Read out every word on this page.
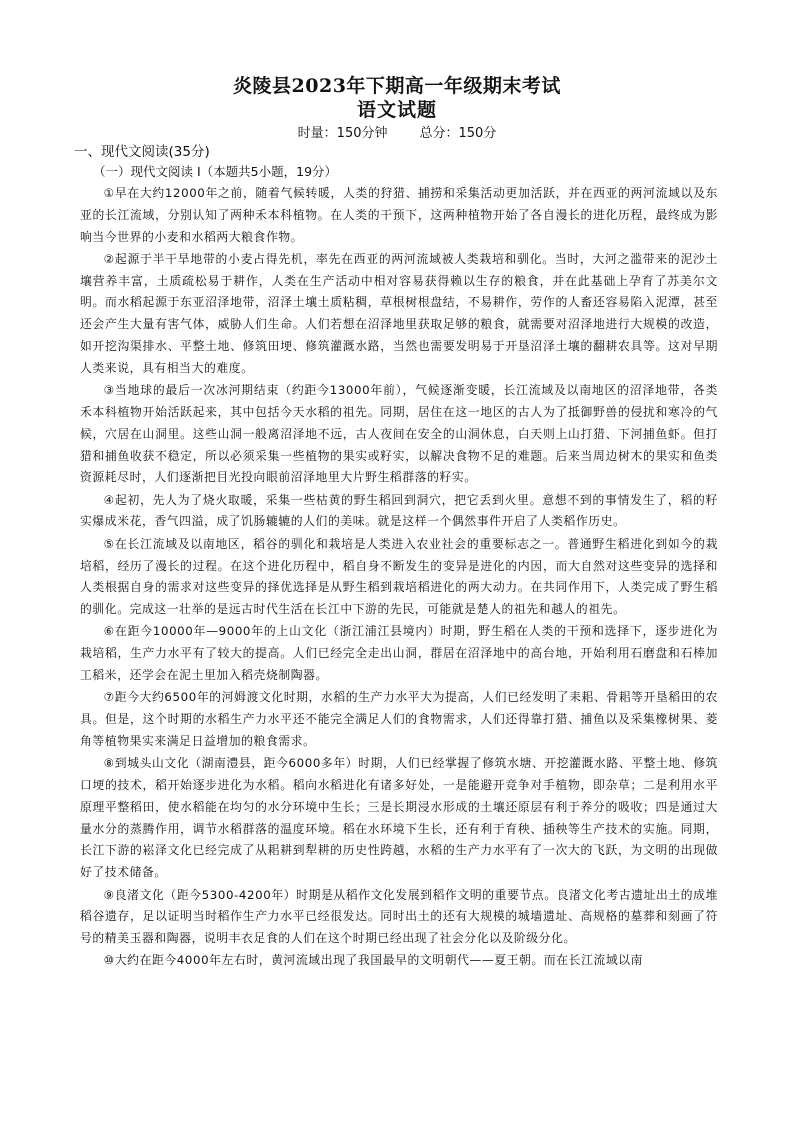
炎陵县2023年下期高一年级期末考试
语文试题
时量：150分钟 总分：150分
一、现代文阅读(35分)
（一）现代文阅读 I（本题共5小题，19分）

①早在大约12000年之前，随着气候转暖，人类的狩猎、捕捞和采集活动更加活跃，并在西亚的两河流域以及东亚的长江流域，分别认知了两种禾本科植物。在人类的干预下，这两种植物开始了各自漫长的进化历程，最终成为影响当今世界的小麦和水稻两大粮食作物。

②起源于半干旱地带的小麦占得先机，率先在西亚的两河流域被人类栽培和驯化。当时，大河之滥带来的泥沙土壤营养丰富，土质疏松易于耕作，人类在生产活动中相对容易获得赖以生存的粮食，并在此基础上孕育了苏美尔文明。而水稻起源于东亚沼泽地带，沼泽土壤土质粘稠，草根树根盘结，不易耕作，劳作的人畜还容易陷入泥潭，甚至还会产生大量有害气体，威胁人们生命。人们若想在沼泽地里获取足够的粮食，就需要对沼泽地进行大规模的改造，如开挖沟渠排水、平整土地、修筑田埂、修筑灌溉水路，当然也需要发明易于开垦沼泽土壤的翻耕农具等。这对早期人类来说，具有相当大的难度。

③当地球的最后一次冰河期结束（约距今13000年前），气候逐渐变暖，长江流域及以南地区的沼泽地带，各类禾本科植物开始活跃起来，其中包括今天水稻的祖先。同期，居住在这一地区的古人为了抵御野兽的侵扰和寒冷的气候，穴居在山洞里。这些山洞一般离沼泽地不远，古人夜间在安全的山洞休息，白天则上山打猎、下河捕鱼虾。但打猎和捕鱼收获不稳定，所以必须采集一些植物的果实或籽实，以解决食物不足的难题。后来当周边树木的果实和鱼类资源耗尽时，人们逐渐把目光投向眼前沼泽地里大片野生稻群落的籽实。

④起初，先人为了烧火取暖，采集一些枯黄的野生稻回到洞穴，把它丢到火里。意想不到的事情发生了，稻的籽实爆成米花，香气四溢，成了饥肠辘辘的人们的美味。就是这样一个偶然事件开启了人类稻作历史。

⑤在长江流域及以南地区，稻谷的驯化和栽培是人类进入农业社会的重要标志之一。普通野生稻进化到如今的栽培稻，经历了漫长的过程。在这个进化历程中，稻自身不断发生的变异是进化的内因，而大自然对这些变异的选择和人类根据自身的需求对这些变异的择优选择是从野生稻到栽培稻进化的两大动力。在共同作用下，人类完成了野生稻的驯化。完成这一壮举的是远古时代生活在长江中下游的先民，可能就是楚人的祖先和越人的祖先。

⑥在距今10000年—9000年的上山文化（浙江浦江县境内）时期，野生稻在人类的干预和选择下，逐步进化为栽培稻，生产力水平有了较大的提高。人们已经完全走出山洞，群居在沼泽地中的高台地，开始利用石磨盘和石棒加工稻米，还学会在泥土里加入稻壳烧制陶器。

⑦距今大约6500年的河姆渡文化时期，水稻的生产力水平大为提高，人们已经发明了耒耜、骨耜等开垦稻田的农具。但是，这个时期的水稻生产力水平还不能完全满足人们的食物需求，人们还得靠打猎、捕鱼以及采集橡树果、菱角等植物果实来满足日益增加的粮食需求。

⑧到城头山文化（湖南澧县，距今6000多年）时期，人们已经掌握了修筑水塘、开挖灌溉水路、平整土地、修筑口埂的技术，稻开始逐步进化为水稻。稻向水稻进化有诸多好处，一是能避开竞争对手植物，即杂草；二是利用水平原理平整稻田，使水稻能在均匀的水分环境中生长；三是长期浸水形成的土壤还原层有利于养分的吸收；四是通过大量水分的蒸腾作用，调节水稻群落的温度环境。稻在水环境下生长，还有利于育秧、插秧等生产技术的实施。同期，长江下游的崧泽文化已经完成了从耜耕到犁耕的历史性跨越，水稻的生产力水平有了一次大的飞跃，为文明的出现做好了技术储备。

⑨良渚文化（距今5300-4200年）时期是从稻作文化发展到稻作文明的重要节点。良渚文化考古遗址出土的成堆稻谷遗存，足以证明当时稻作生产力水平已经很发达。同时出土的还有大规模的城墙遗址、高规格的墓葬和刻画了符号的精美玉器和陶器，说明丰衣足食的人们在这个时期已经出现了社会分化以及阶级分化。

⑩大约在距今4000年左右时，黄河流域出现了我国最早的文明朝代——夏王朝。而在长江流域以南
